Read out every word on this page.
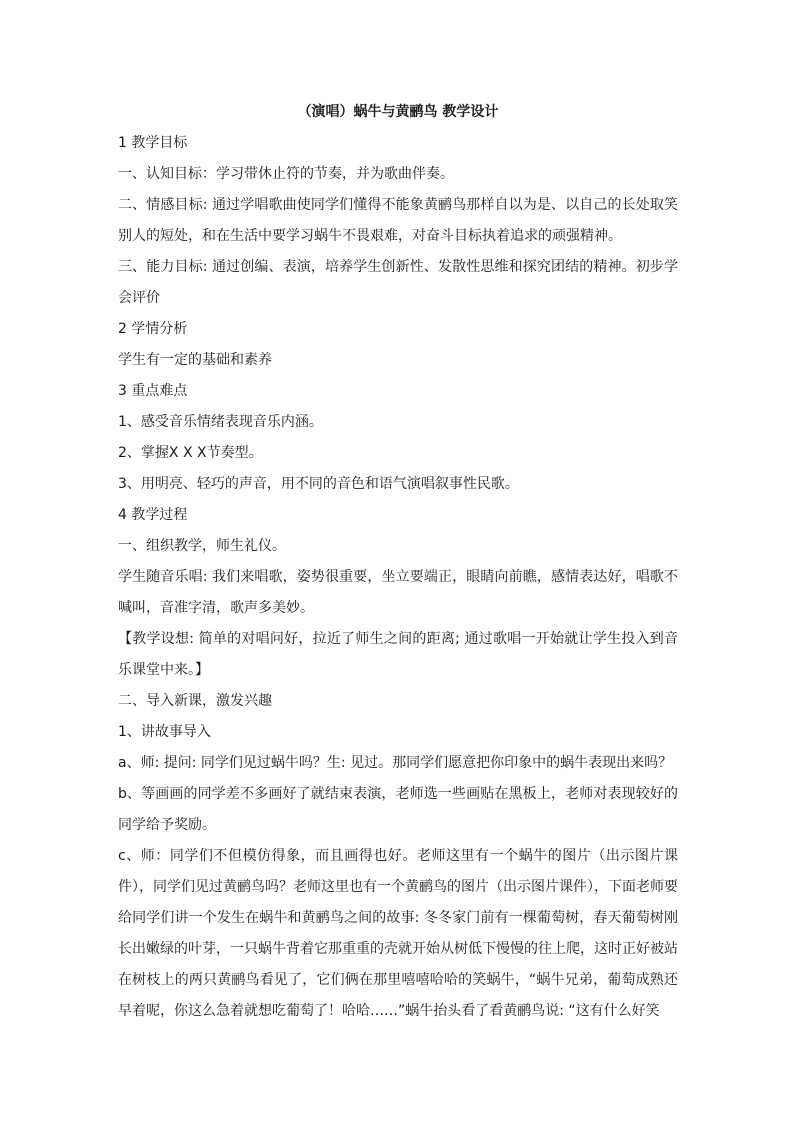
（演唱）蜗牛与黄鹂鸟 教学设计

1 教学目标

一、认知目标：学习带休止符的节奏，并为歌曲伴奏。

二、情感目标: 通过学唱歌曲使同学们懂得不能象黄鹂鸟那样自以为是、以自己的长处取笑别人的短处，和在生活中要学习蜗牛不畏艰难，对奋斗目标执着追求的顽强精神。

三、能力目标: 通过创编、表演，培养学生创新性、发散性思维和探究团结的精神。初步学会评价

2 学情分析

学生有一定的基础和素养

3 重点难点

1、感受音乐情绪表现音乐内涵。

2、掌握X X X节奏型。

3、用明亮、轻巧的声音，用不同的音色和语气演唱叙事性民歌。

4 教学过程

一、组织教学，师生礼仪。

学生随音乐唱: 我们来唱歌，姿势很重要，坐立要端正，眼睛向前瞧，感情表达好，唱歌不喊叫，音准字清，歌声多美妙。

【教学设想: 简单的对唱问好，拉近了师生之间的距离; 通过歌唱一开始就让学生投入到音乐课堂中来。】

二、导入新课，激发兴趣

1、讲故事导入

a、师: 提问: 同学们见过蜗牛吗？生: 见过。那同学们愿意把你印象中的蜗牛表现出来吗？

b、等画画的同学差不多画好了就结束表演，老师选一些画贴在黑板上，老师对表现较好的同学给予奖励。

c、师：同学们不但模仿得象，而且画得也好。老师这里有一个蜗牛的图片（出示图片课件），同学们见过黄鹂鸟吗？老师这里也有一个黄鹂鸟的图片（出示图片课件），下面老师要给同学们讲一个发生在蜗牛和黄鹂鸟之间的故事: 冬冬家门前有一棵葡萄树，春天葡萄树刚长出嫩绿的叶芽，一只蜗牛背着它那重重的壳就开始从树低下慢慢的往上爬，这时正好被站在树枝上的两只黄鹂鸟看见了，它们俩在那里嘻嘻哈哈的笑蜗牛，“蜗牛兄弟，葡萄成熟还早着呢，你这么急着就想吃葡萄了！哈哈……”蜗牛抬头看了看黄鹂鸟说: “这有什么好笑
